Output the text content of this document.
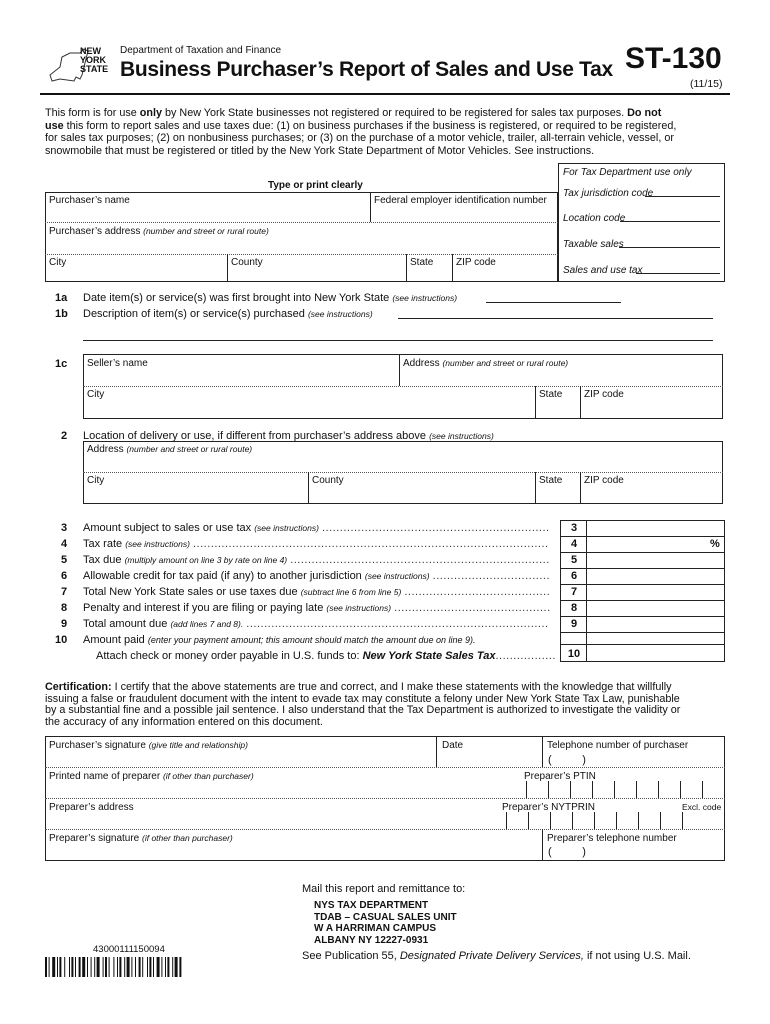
NEW
YORK
STATE
Department of Taxation and Finance
Business Purchaser’s Report of Sales and Use Tax ST-130
(11/15)
This form is for use only by New York State businesses not registered or required to be registered for sales tax purposes. Do not
use this form to report sales and use taxes due: (1) on business purchases if the business is registered, or required to be registered,
for sales tax purposes; (2) on nonbusiness purchases; or (3) on the purchase of a motor vehicle, trailer, all-terrain vehicle, vessel, or
snowmobile that must be registered or titled by the New York State Department of Motor Vehicles. See instructions.
For Tax Department use only
Tax jurisdiction code
Location code
Taxable sales
Sales and use tax
Type or print clearly
Purchaser’s name	Federal employer identification number
Purchaser’s address (number and street or rural route)
City	County	State ZIP code
1a Date item(s) or service(s) was first brought into New York State (see instructions)
1b Description of item(s) or service(s) purchased (see instructions)
1c Seller’s name	Address (number and street or rural route)
City	State ZIP code
2 Location of delivery or use, if different from purchaser’s address above (see instructions)
Address (number and street or rural route)
City	County	State ZIP code
3 Amount subject to sales or use tax (see instructions) ................................................................	3
4 Tax rate (see instructions) ....................................................................................................	4	%
5 Tax due (multiply amount on line 3 by rate on line 4) .........................................................................	5
6 Allowable credit for tax paid (if any) to another jurisdiction (see instructions) .................................	6
7 Total New York State sales or use taxes due (subtract line 6 from line 5) .........................................	7
8 Penalty and interest if you are filing or paying late (see instructions) ............................................	8
9 Total amount due (add lines 7 and 8). .....................................................................................	9
10 Amount paid (enter your payment amount; this amount should match the amount due on line 9).
Attach check or money order payable in U.S. funds to: New York State Sales Tax.................	10
Certification: I certify that the above statements are true and correct, and I make these statements with the knowledge that willfully
issuing a false or fraudulent document with the intent to evade tax may constitute a felony under New York State Tax Law, punishable
by a substantial fine and a possible jail sentence. I also understand that the Tax Department is authorized to investigate the validity or
the accuracy of any information entered on this document.
Purchaser’s signature (give title and relationship)	Date	Telephone number of purchaser
(          )
Printed name of preparer (if other than purchaser)	Preparer’s PTIN
Preparer’s address	Preparer’s NYTPRIN	Excl. code
Preparer’s signature (if other than purchaser)	Preparer’s telephone number
(          )
Mail this report and remittance to:
NYS TAX DEPARTMENT
TDAB – CASUAL SALES UNIT
W A HARRIMAN CAMPUS
ALBANY NY 12227-0931
See Publication 55, Designated Private Delivery Services, if not using U.S. Mail.
43000111150094
